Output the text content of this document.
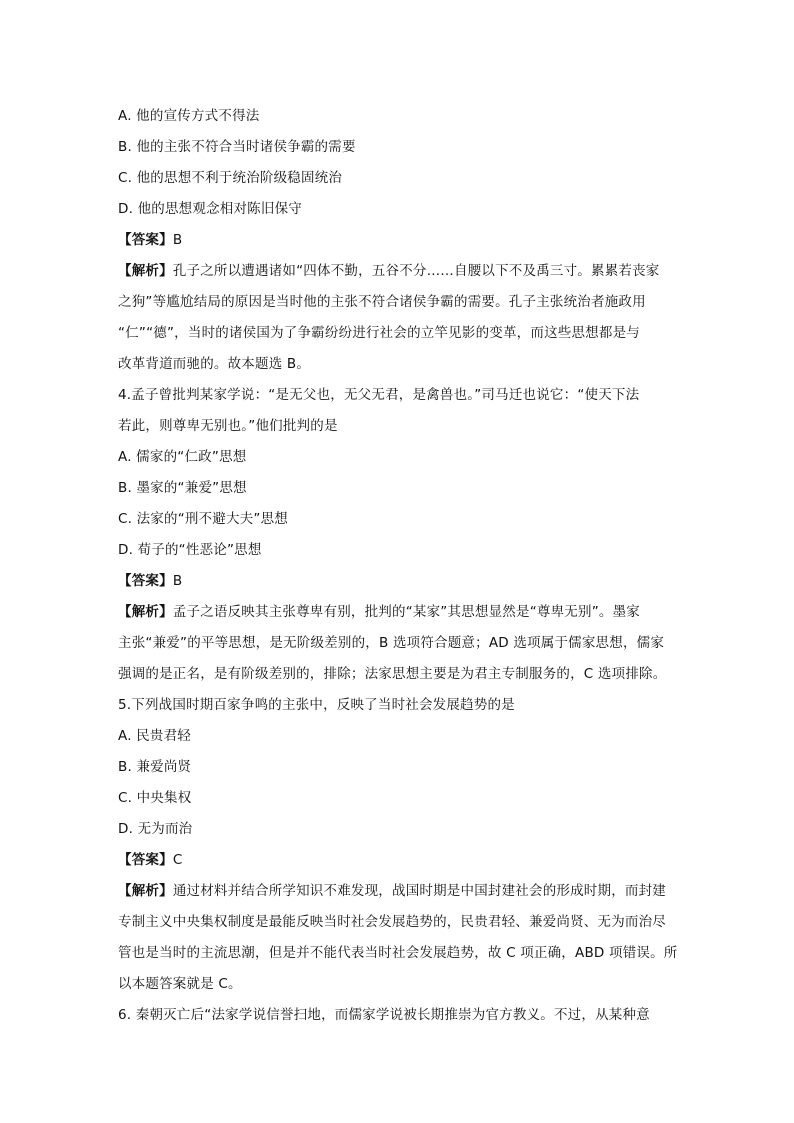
A. 他的宣传方式不得法
B. 他的主张不符合当时诸侯争霸的需要
C. 他的思想不利于统治阶级稳固统治
D. 他的思想观念相对陈旧保守
【答案】B
【解析】孔子之所以遭遇诸如“四体不勤，五谷不分……自腰以下不及禹三寸。累累若丧家
之狗”等尴尬结局的原因是当时他的主张不符合诸侯争霸的需要。孔子主张统治者施政用
“仁”“德”，当时的诸侯国为了争霸纷纷进行社会的立竿见影的变革，而这些思想都是与
改革背道而驰的。故本题选 B。
4.孟子曾批判某家学说：“是无父也，无父无君，是禽兽也。”司马迁也说它：“使天下法
若此，则尊卑无别也。”他们批判的是
A. 儒家的“仁政”思想
B. 墨家的“兼爱”思想
C. 法家的“刑不避大夫”思想
D. 荀子的“性恶论”思想
【答案】B
【解析】孟子之语反映其主张尊卑有别，批判的“某家”其思想显然是“尊卑无别”。墨家
主张“兼爱”的平等思想，是无阶级差别的，B 选项符合题意；AD 选项属于儒家思想，儒家
强调的是正名，是有阶级差别的，排除；法家思想主要是为君主专制服务的，C 选项排除。
5.下列战国时期百家争鸣的主张中，反映了当时社会发展趋势的是
A. 民贵君轻
B. 兼爱尚贤
C. 中央集权
D. 无为而治
【答案】C
【解析】通过材料并结合所学知识不难发现，战国时期是中国封建社会的形成时期，而封建
专制主义中央集权制度是最能反映当时社会发展趋势的，民贵君轻、兼爱尚贤、无为而治尽
管也是当时的主流思潮，但是并不能代表当时社会发展趋势，故 C 项正确，ABD 项错误。所
以本题答案就是 C。
6. 秦朝灭亡后“法家学说信誉扫地，而儒家学说被长期推崇为官方教义。不过，从某种意
